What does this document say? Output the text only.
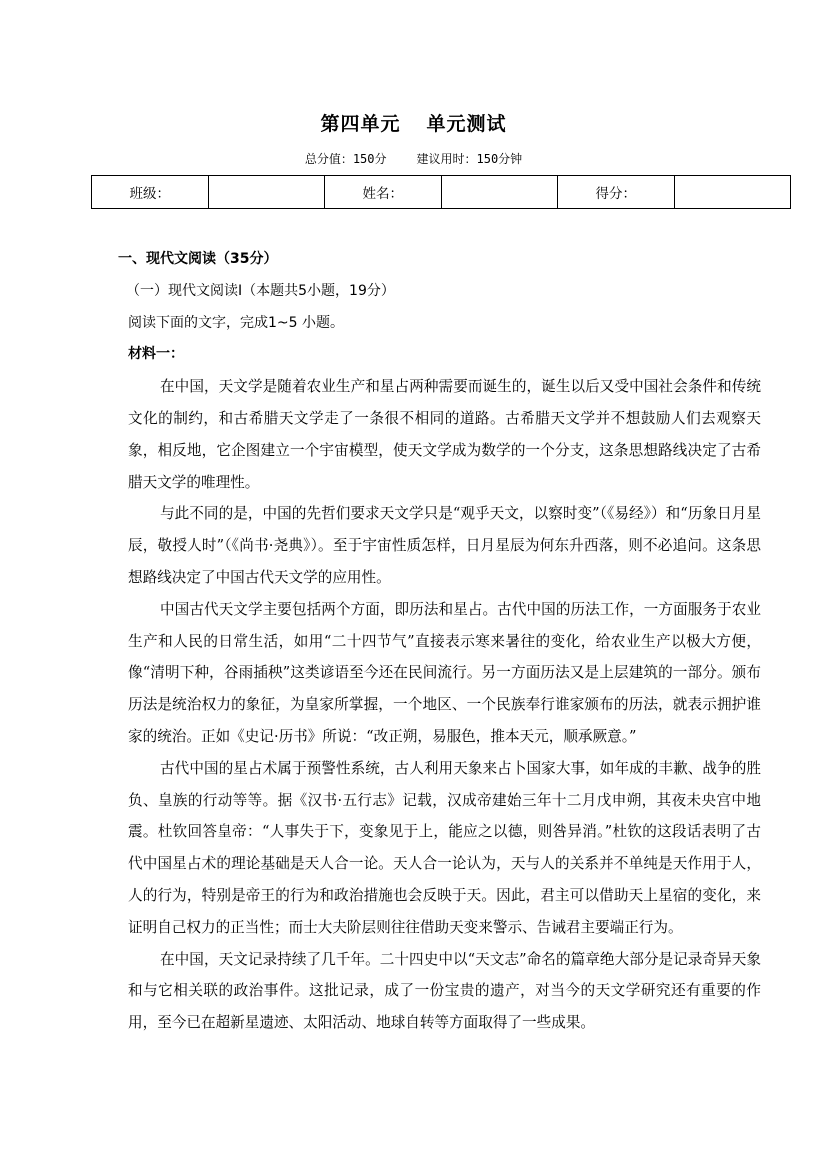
第四单元 单元测试
总分值：150分	建议用时：150分钟
班级：		姓名：		得分：	

一、现代文阅读（35分）

（一）现代文阅读Ⅰ（本题共5小题，19分）

阅读下面的文字，完成1~5 小题。

材料一：

在中国，天文学是随着农业生产和星占两种需要而诞生的，诞生以后又受中国社会条件和传统文化的制约，和古希腊天文学走了一条很不相同的道路。古希腊天文学并不想鼓励人们去观察天象，相反地，它企图建立一个宇宙模型，使天文学成为数学的一个分支，这条思想路线决定了古希腊天文学的唯理性。

与此不同的是，中国的先哲们要求天文学只是“观乎天文，以察时变”（《易经》）和“历象日月星辰，敬授人时”（《尚书·尧典》）。至于宇宙性质怎样，日月星辰为何东升西落，则不必追问。这条思想路线决定了中国古代天文学的应用性。

中国古代天文学主要包括两个方面，即历法和星占。古代中国的历法工作，一方面服务于农业生产和人民的日常生活，如用“二十四节气”直接表示寒来暑往的变化，给农业生产以极大方便，像“清明下种，谷雨插秧”这类谚语至今还在民间流行。另一方面历法又是上层建筑的一部分。颁布历法是统治权力的象征，为皇家所掌握，一个地区、一个民族奉行谁家颁布的历法，就表示拥护谁家的统治。正如《史记·历书》所说：“改正朔，易服色，推本天元，顺承厥意。”

古代中国的星占术属于预警性系统，古人利用天象来占卜国家大事，如年成的丰歉、战争的胜负、皇族的行动等等。据《汉书·五行志》记载，汉成帝建始三年十二月戊申朔，其夜未央宫中地震。杜钦回答皇帝：“人事失于下，变象见于上，能应之以德，则咎异消。”杜钦的这段话表明了古代中国星占术的理论基础是天人合一论。天人合一论认为，天与人的关系并不单纯是天作用于人，人的行为，特别是帝王的行为和政治措施也会反映于天。因此，君主可以借助天上星宿的变化，来证明自己权力的正当性；而士大夫阶层则往往借助天变来警示、告诫君主要端正行为。

在中国，天文记录持续了几千年。二十四史中以“天文志”命名的篇章绝大部分是记录奇异天象和与它相关联的政治事件。这批记录，成了一份宝贵的遗产，对当今的天文学研究还有重要的作用，至今已在超新星遗迹、太阳活动、地球自转等方面取得了一些成果。
